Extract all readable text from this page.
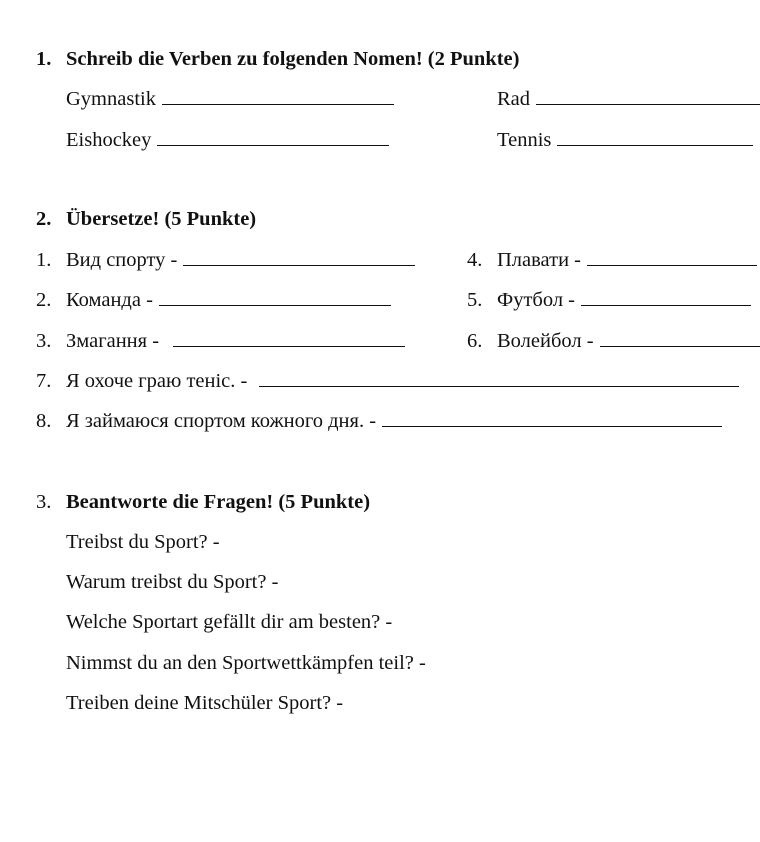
1. Schreib die Verben zu folgenden Nomen! (2 Punkte)
Gymnastik	Rad
Eishockey	Tennis
2. Übersetze! (5 Punkte)
1. Вид спорту -
2. Команда -
3. Змагання -
4. Плавати -
5. Футбол -
6. Волейбол -
7. Я охоче граю теніс. -
8. Я займаюся спортом кожного дня. -
3. Beantworte die Fragen! (5 Punkte)
Treibst du Sport? -
Warum treibst du Sport? -
Welche Sportart gefällt dir am besten? -
Nimmst du an den Sportwettkämpfen teil? -
Treiben deine Mitschüler Sport? -
